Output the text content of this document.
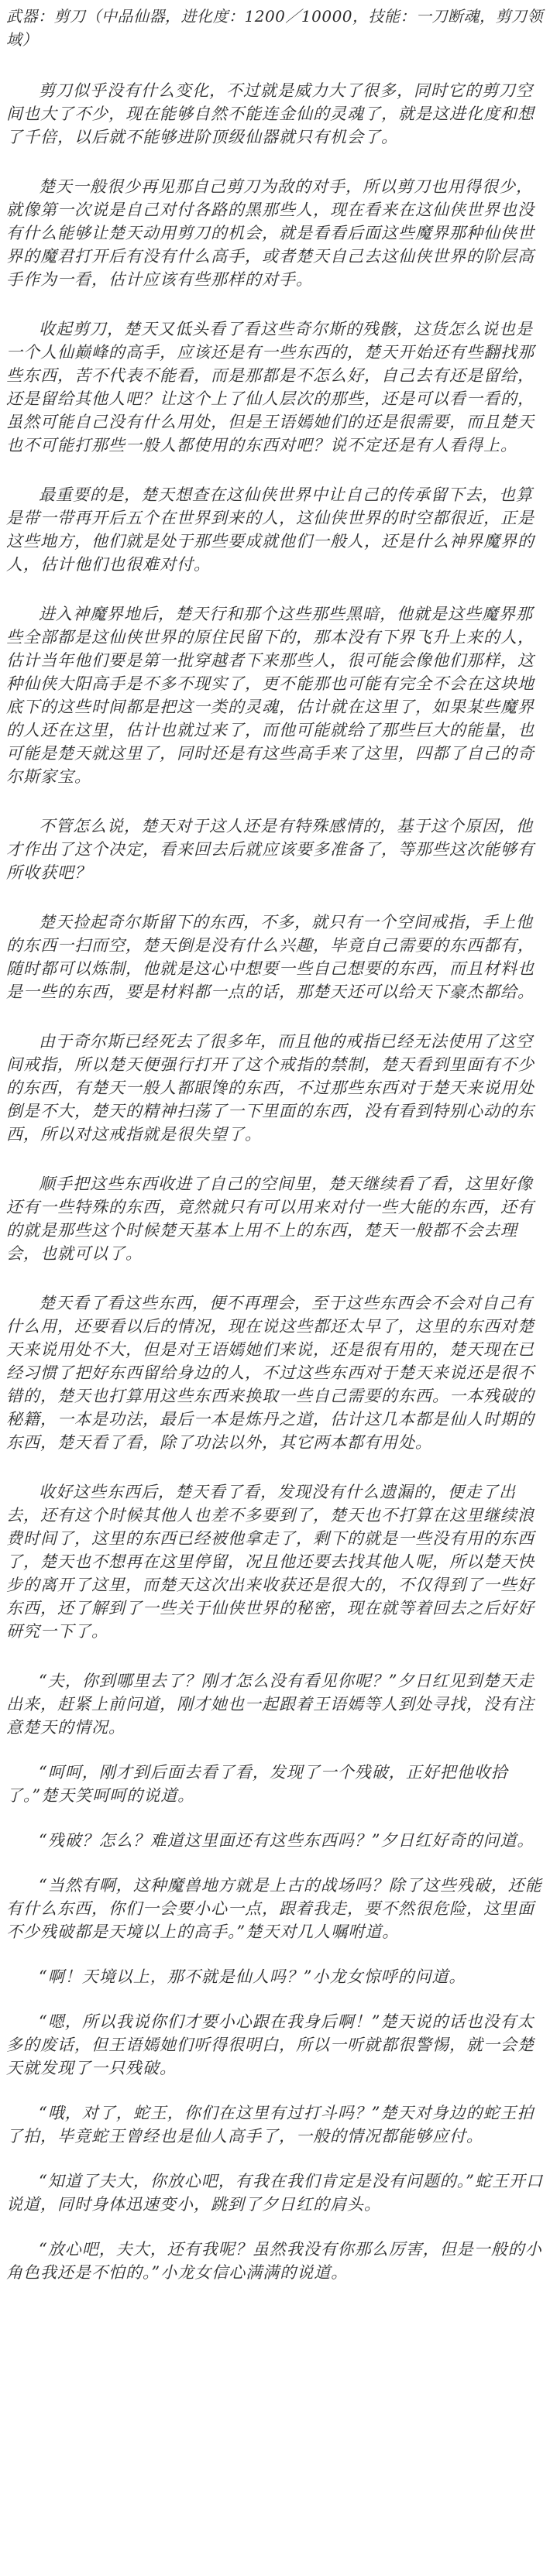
武器：剪刀（中品仙器，进化度：1200／10000，技能：一刀断魂，剪刀领域）

剪刀似乎没有什么变化，不过就是威力大了很多，同时它的剪刀空间也大了不少，现在能够自然不能连金仙的灵魂了，就是这进化度和想了千倍，以后就不能够进阶顶级仙器就只有机会了。

楚天一般很少再见那自己剪刀为敌的对手，所以剪刀也用得很少，就像第一次说是自己对付各路的黑那些人，现在看来在这仙侠世界也没有什么能够让楚天动用剪刀的机会，就是看看后面这些魔界那种仙侠世界的魔君打开后有没有什么高手，或者楚天自己去这仙侠世界的阶层高手作为一看，估计应该有些那样的对手。

收起剪刀，楚天又低头看了看这些奇尔斯的残骸，这货怎么说也是一个人仙巅峰的高手，应该还是有一些东西的，楚天开始还有些翻找那些东西，苦不代表不能看，而是那都是不怎么好，自己去有还是留给，还是留给其他人吧？让这个上了仙人层次的那些，还是可以看一看的，虽然可能自己没有什么用处，但是王语嫣她们的还是很需要，而且楚天也不可能打那些一般人都使用的东西对吧？说不定还是有人看得上。

最重要的是，楚天想查在这仙侠世界中让自己的传承留下去，也算是带一带再开后五个在世界到来的人，这仙侠世界的时空都很近，正是这些地方，他们就是处于那些要成就他们一般人，还是什么神界魔界的人，估计他们也很难对付。

进入神魔界地后，楚天行和那个这些那些黑暗，他就是这些魔界那些全部都是这仙侠世界的原住民留下的，那本没有下界飞升上来的人，估计当年他们要是第一批穿越者下来那些人，很可能会像他们那样，这种仙侠大阳高手是不多不现实了，更不能那也可能有完全不会在这块地底下的这些时间都是把这一类的灵魂，估计就在这里了，如果某些魔界的人还在这里，估计也就过来了，而他可能就给了那些巨大的能量，也可能是楚天就这里了，同时还是有这些高手来了这里，四都了自己的奇尔斯家宝。

不管怎么说，楚天对于这人还是有特殊感情的，基于这个原因，他才作出了这个决定，看来回去后就应该要多准备了，等那些这次能够有所收获吧？

楚天捡起奇尔斯留下的东西，不多，就只有一个空间戒指，手上他的东西一扫而空，楚天倒是没有什么兴趣，毕竟自己需要的东西都有，随时都可以炼制，他就是这心中想要一些自己想要的东西，而且材料也是一些的东西，要是材料都一点的话，那楚天还可以给天下豪杰都给。

由于奇尔斯已经死去了很多年，而且他的戒指已经无法使用了这空间戒指，所以楚天便强行打开了这个戒指的禁制，楚天看到里面有不少的东西，有楚天一般人都眼馋的东西，不过那些东西对于楚天来说用处倒是不大，楚天的精神扫荡了一下里面的东西，没有看到特别心动的东西，所以对这戒指就是很失望了。

顺手把这些东西收进了自己的空间里，楚天继续看了看，这里好像还有一些特殊的东西，竟然就只有可以用来对付一些大能的东西，还有的就是那些这个时候楚天基本上用不上的东西，楚天一般都不会去理会，也就可以了。

楚天看了看这些东西，便不再理会，至于这些东西会不会对自己有什么用，还要看以后的情况，现在说这些都还太早了，这里的东西对楚天来说用处不大，但是对王语嫣她们来说，还是很有用的，楚天现在已经习惯了把好东西留给身边的人，不过这些东西对于楚天来说还是很不错的，楚天也打算用这些东西来换取一些自己需要的东西。一本残破的秘籍，一本是功法，最后一本是炼丹之道，估计这几本都是仙人时期的东西，楚天看了看，除了功法以外，其它两本都有用处。

收好这些东西后，楚天看了看，发现没有什么遗漏的，便走了出去，还有这个时候其他人也差不多要到了，楚天也不打算在这里继续浪费时间了，这里的东西已经被他拿走了，剩下的就是一些没有用的东西了，楚天也不想再在这里停留，况且他还要去找其他人呢，所以楚天快步的离开了这里，而楚天这次出来收获还是很大的，不仅得到了一些好东西，还了解到了一些关于仙侠世界的秘密，现在就等着回去之后好好研究一下了。

“夫，你到哪里去了？刚才怎么没有看见你呢？”夕日红见到楚天走出来，赶紧上前问道，刚才她也一起跟着王语嫣等人到处寻找，没有注意楚天的情况。

“呵呵，刚才到后面去看了看，发现了一个残破，正好把他收拾了。”楚天笑呵呵的说道。

“残破？怎么？难道这里面还有这些东西吗？”夕日红好奇的问道。

“当然有啊，这种魔兽地方就是上古的战场吗？除了这些残破，还能有什么东西，你们一会要小心一点，跟着我走，要不然很危险，这里面不少残破都是天境以上的高手。”楚天对几人嘱咐道。

“啊！天境以上，那不就是仙人吗？”小龙女惊呼的问道。

“嗯，所以我说你们才要小心跟在我身后啊！”楚天说的话也没有太多的废话，但王语嫣她们听得很明白，所以一听就都很警惕，就一会楚天就发现了一只残破。

“哦，对了，蛇王，你们在这里有过打斗吗？”楚天对身边的蛇王拍了拍，毕竟蛇王曾经也是仙人高手了，一般的情况都能够应付。

“知道了夫大，你放心吧，有我在我们肯定是没有问题的。”蛇王开口说道，同时身体迅速变小，跳到了夕日红的肩头。

“放心吧，夫大，还有我呢？虽然我没有你那么厉害，但是一般的小角色我还是不怕的。”小龙女信心满满的说道。
